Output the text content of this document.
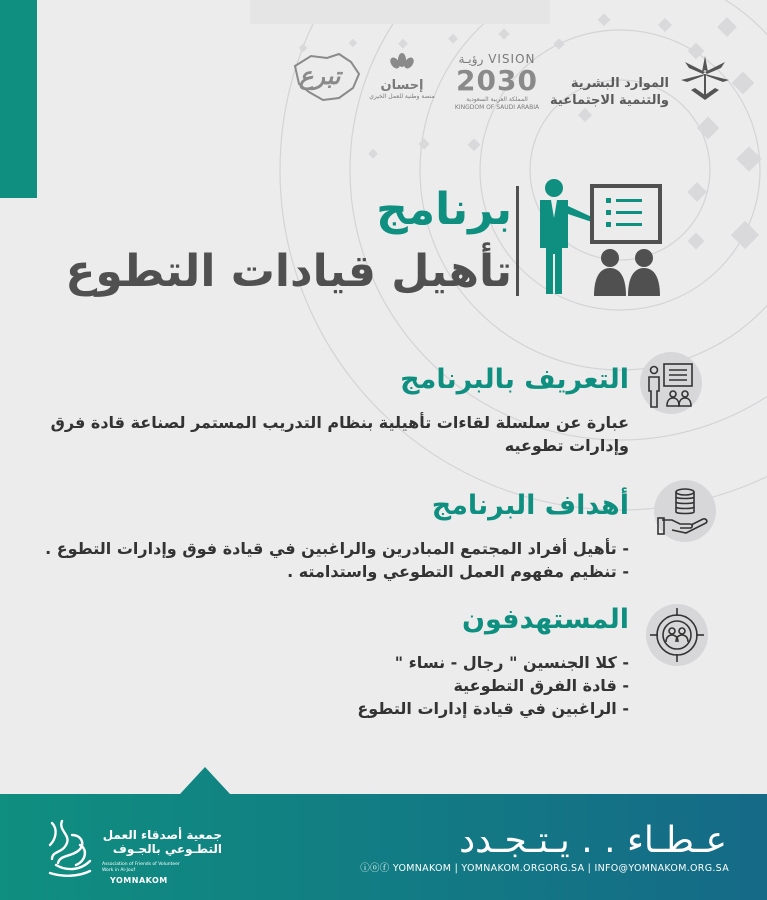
الموارد البشرية
والتنمية الاجتماعية
VISION رؤيـة
2030
المملكة العربية السعودية
KINGDOM OF SAUDI ARABIA
إحسان
منصة وطنية للعمل الخيري
تبرع
برنامج
تأهيل قيادات التطوع
التعريف بالبرنامج
عبارة عن سلسلة لقاءات تأهيلية بنظام التدريب المستمر لصناعة قادة فرق
وإدارات تطوعيه
أهداف البرنامج
- تأهيل أفراد المجتمع المبادرين والراغبين في قيادة فوق وإدارات التطوع .
- تنظيم مفهوم العمل التطوعي واستدامته .
المستهدفون
- كلا الجنسين " رجال - نساء "
- قادة الفرق التطوعية
- الراغبين في قيادة إدارات التطوع
جمعية أصدقاء العمل
التطـوعي بالجـوف
Association of Friends of Volunteer Work in Al-Jouf
YOMNAKOM
عـطـاء . . يـتـجـدد
ⓘⓞⓕ YOMNAKOM | YOMNAKOM.ORGORG.SA | INFO@YOMNAKOM.ORG.SA
